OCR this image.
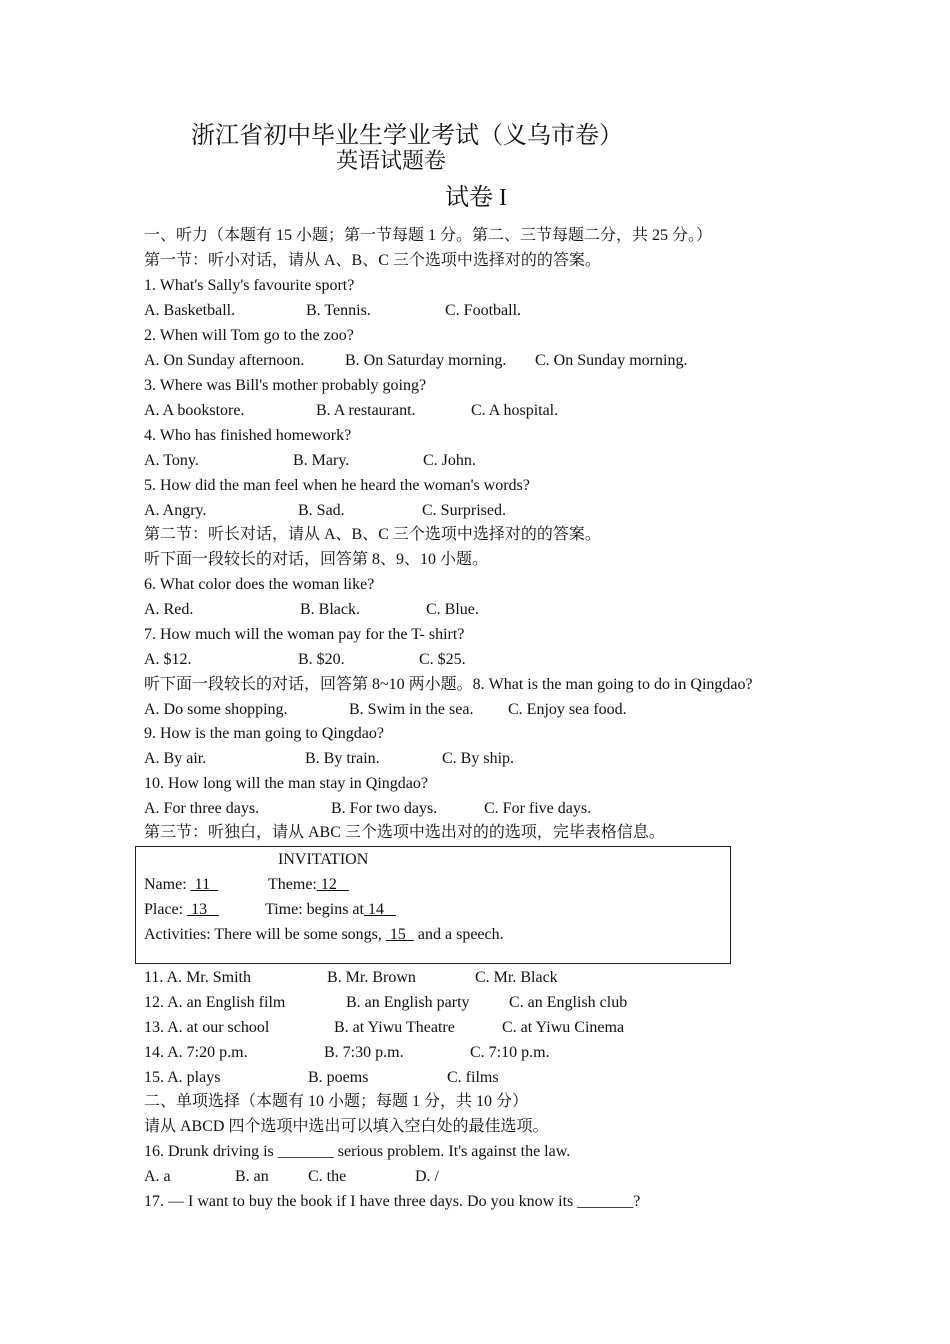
浙江省初中毕业生学业考试（义乌市卷）
英语试题卷
试卷 I
一、听力（本题有 15 小题；第一节每题 1 分。第二、三节每题二分，共 25 分。）
第一节：听小对话，请从 A、B、C 三个选项中选择对的的答案。
1. What's Sally's favourite sport?
A. Basketball.	B. Tennis.	C. Football.
2. When will Tom go to the zoo?
A. On Sunday afternoon.	B. On Saturday morning. C. On Sunday morning.
3. Where was Bill's mother probably going?
A. A bookstore.	B. A restaurant.	C. A hospital.
4. Who has finished homework?
A. Tony.	B. Mary.	C. John.
5. How did the man feel when he heard the woman's words?
A. Angry.	B. Sad.	C. Surprised.
第二节：听长对话，请从 A、B、C 三个选项中选择对的的答案。
听下面一段较长的对话，回答第 8、9、10 小题。
6. What color does the woman like?
A. Red.	B. Black.	C. Blue.
7. How much will the woman pay for the T- shirt?
A. $12.	B. $20.	C. $25.
听下面一段较长的对话，回答第 8~10 两小题。8. What is the man going to do in Qingdao?
A. Do some shopping.	B. Swim in the sea. C. Enjoy sea food.
9. How is the man going to Qingdao?
A. By air.	B. By train.	C. By ship.
10. How long will the man stay in Qingdao?
A. For three days.	B. For two days.	C. For five days.
第三节：听独白，请从 ABC 三个选项中选出对的的选项，完毕表格信息。
INVITATION
Name:  11	Theme: 12
Place:  13	Time: begins at 14
Activities: There will be some songs,  15   and a speech.
11. A. Mr. Smith	B. Mr. Brown	C. Mr. Black
12. A. an English film	B. an English party C. an English club
13. A. at our school	B. at Yiwu Theatre	C. at Yiwu Cinema
14. A. 7:20 p.m.	B. 7:30 p.m.	C. 7:10 p.m.
15. A. plays	B. poems	C. films
二、单项选择（本题有 10 小题；每题 1 分，共 10 分）
请从 ABCD 四个选项中选出可以填入空白处的最佳选项。
16. Drunk driving is _______ serious problem. It's against the law.
A. a	B. an C. the	D. /
17. — I want to buy the book if I have three days. Do you know its _______?
